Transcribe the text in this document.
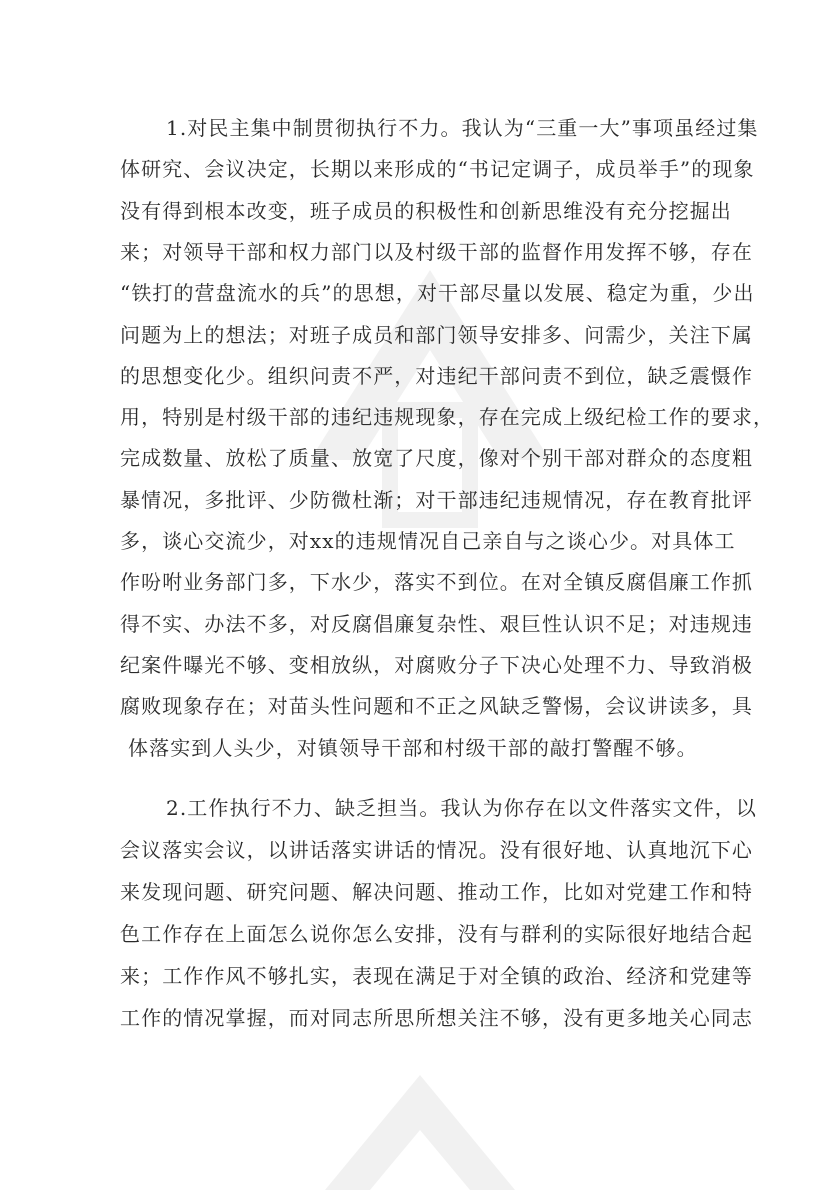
1.对民主集中制贯彻执行不力。我认为“三重一大”事项虽经过集
体研究、会议决定，长期以来形成的“书记定调子，成员举手”的现象
没有得到根本改变，班子成员的积极性和创新思维没有充分挖掘出
来；对领导干部和权力部门以及村级干部的监督作用发挥不够，存在
“铁打的营盘流水的兵”的思想，对干部尽量以发展、稳定为重，少出
问题为上的想法；对班子成员和部门领导安排多、问需少，关注下属
的思想变化少。组织问责不严，对违纪干部问责不到位，缺乏震慑作
用，特别是村级干部的违纪违规现象，存在完成上级纪检工作的要求，
完成数量、放松了质量、放宽了尺度，像对个别干部对群众的态度粗
暴情况，多批评、少防微杜渐；对干部违纪违规情况，存在教育批评
多，谈心交流少，对xx的违规情况自己亲自与之谈心少。对具体工
作吩咐业务部门多，下水少，落实不到位。在对全镇反腐倡廉工作抓
得不实、办法不多，对反腐倡廉复杂性、艰巨性认识不足；对违规违
纪案件曝光不够、变相放纵，对腐败分子下决心处理不力、导致消极
腐败现象存在；对苗头性问题和不正之风缺乏警惕，会议讲读多，具
体落实到人头少，对镇领导干部和村级干部的敲打警醒不够。
2.工作执行不力、缺乏担当。我认为你存在以文件落实文件，以
会议落实会议，以讲话落实讲话的情况。没有很好地、认真地沉下心
来发现问题、研究问题、解决问题、推动工作，比如对党建工作和特
色工作存在上面怎么说你怎么安排，没有与群利的实际很好地结合起
来；工作作风不够扎实，表现在满足于对全镇的政治、经济和党建等
工作的情况掌握，而对同志所思所想关注不够，没有更多地关心同志
